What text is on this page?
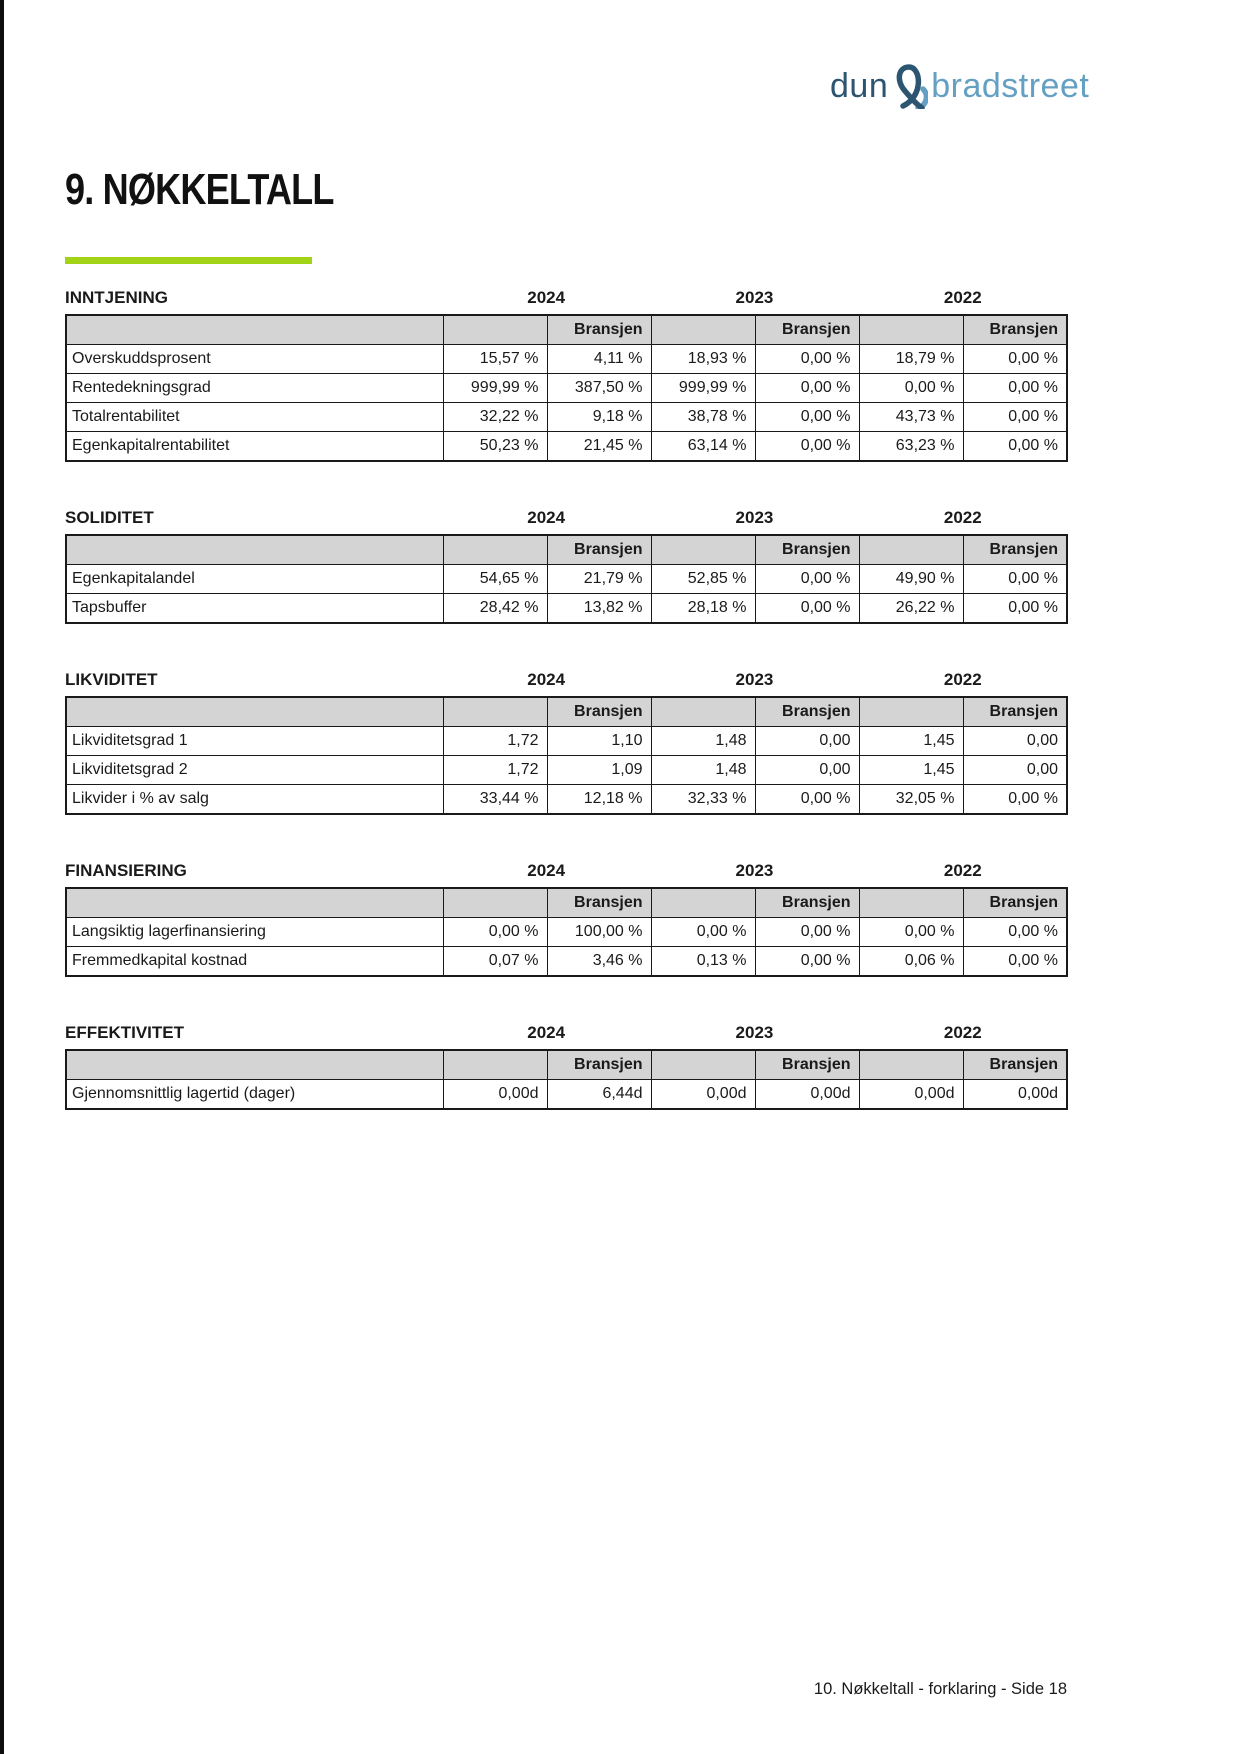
dun bradstreet
9. NØKKELTALL
INNTJENING	2024	2023	2022
		Bransjen		Bransjen		Bransjen
Overskuddsprosent	15,57 %	4,11 %	18,93 %	0,00 %	18,79 %	0,00 %
Rentedekningsgrad	999,99 %	387,50 %	999,99 %	0,00 %	0,00 %	0,00 %
Totalrentabilitet	32,22 %	9,18 %	38,78 %	0,00 %	43,73 %	0,00 %
Egenkapitalrentabilitet	50,23 %	21,45 %	63,14 %	0,00 %	63,23 %	0,00 %
SOLIDITET	2024	2023	2022
		Bransjen		Bransjen		Bransjen
Egenkapitalandel	54,65 %	21,79 %	52,85 %	0,00 %	49,90 %	0,00 %
Tapsbuffer	28,42 %	13,82 %	28,18 %	0,00 %	26,22 %	0,00 %
LIKVIDITET	2024	2023	2022
		Bransjen		Bransjen		Bransjen
Likviditetsgrad 1	1,72	1,10	1,48	0,00	1,45	0,00
Likviditetsgrad 2	1,72	1,09	1,48	0,00	1,45	0,00
Likvider i % av salg	33,44 %	12,18 %	32,33 %	0,00 %	32,05 %	0,00 %
FINANSIERING	2024	2023	2022
		Bransjen		Bransjen		Bransjen
Langsiktig lagerfinansiering	0,00 %	100,00 %	0,00 %	0,00 %	0,00 %	0,00 %
Fremmedkapital kostnad	0,07 %	3,46 %	0,13 %	0,00 %	0,06 %	0,00 %
EFFEKTIVITET	2024	2023	2022
		Bransjen		Bransjen		Bransjen
Gjennomsnittlig lagertid (dager)	0,00d	6,44d	0,00d	0,00d	0,00d	0,00d
10. Nøkkeltall - forklaring - Side 18
